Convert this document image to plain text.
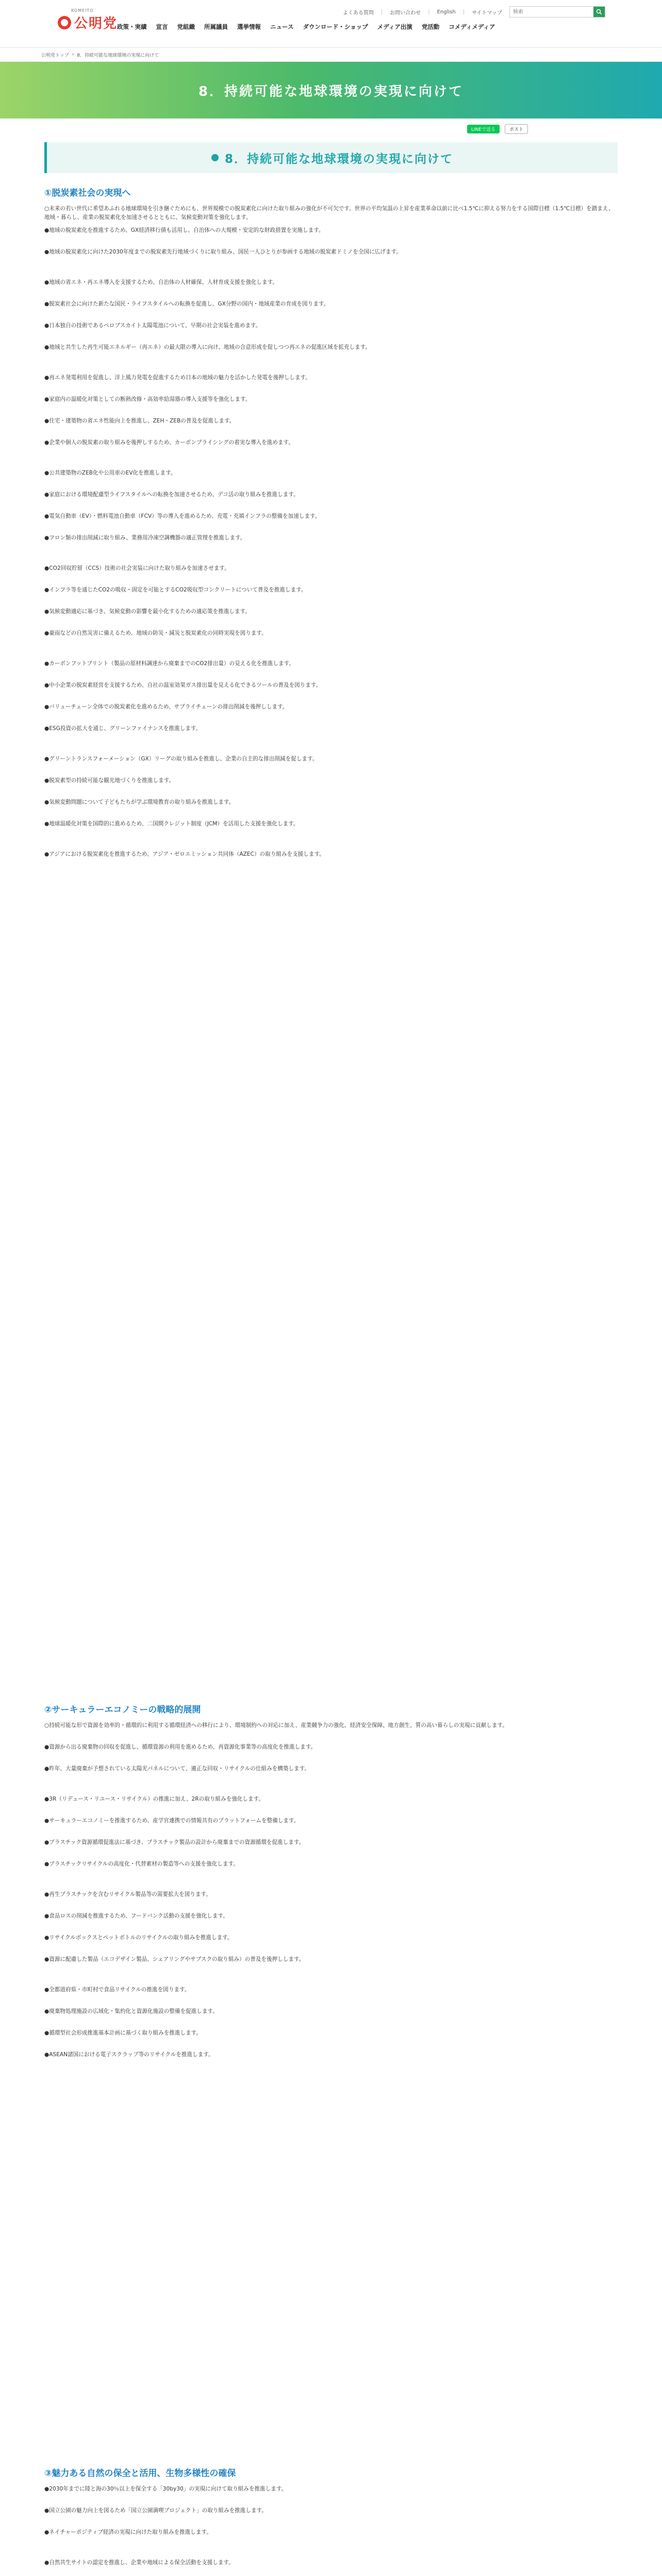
KOMEITO
公明党
よくある質問 | お問い合わせ | English | サイトマップ
検索
政策・実績	宣言	党組織	所属議員	選挙情報	ニュース	ダウンロード・ショップ	メディア出演	党活動	コメディメディア
公明党トップ › 8．持続可能な地球環境の実現に向けて
8．持続可能な地球環境の実現に向けて
LINEで送る	ポスト
8．持続可能な地球環境の実現に向けて
①脱炭素社会の実現へ

○未来の若い世代に希望あふれる地球環境を引き継ぐためにも、世界規模での脱炭素化に向けた取り組みの強化が不可欠です。世界の平均気温の上昇を産業革命以前に比べ1.5℃に抑える努力をする国際目標（1.5℃目標）を踏まえ、地域・暮らし、産業の脱炭素化を加速させるとともに、気候変動対策を強化します。

●地域の脱炭素化を推進するため、GX経済移行債も活用し、自治体への大規模・安定的な財政措置を実施します。

●地域の脱炭素化に向けた2030年度までの脱炭素先行地域づくりに取り組み、国民一人ひとりが参画する地域の脱炭素ドミノを全国に広げます。

●地域の省エネ・再エネ導入を支援するため、自治体の人材確保、人材育成支援を強化します。

●脱炭素社会に向けた新たな国民・ライフスタイルへの転換を促進し、GX分野の国内・地域産業の育成を図ります。

●日本独自の技術であるペロブスカイト太陽電池について、早期の社会実装を進めます。

●地域と共生した再生可能エネルギー（再エネ）の最大限の導入に向け、地域の合意形成を促しつつ再エネの促進区域を拡充します。

●再エネ発電利用を促進し、洋上風力発電を促進するため日本の地域の魅力を活かした発電を後押しします。

●家庭内の温暖化対策としての断熱改修・高効率給湯器の導入支援等を強化します。

●住宅・建築物の省エネ性能向上を推進し、ZEH・ZEBの普及を促進します。

●企業や個人の脱炭素の取り組みを後押しするため、カーボンプライシングの着実な導入を進めます。

●公共建築物のZEB化や公用車のEV化を推進します。

●家庭における環境配慮型ライフスタイルへの転換を加速させるため、デコ活の取り組みを推進します。

●電気自動車（EV）・燃料電池自動車（FCV）等の導入を進めるため、充電・充填インフラの整備を加速します。

●フロン類の排出削減に取り組み、業務用冷凍空調機器の適正管理を推進します。

●CO2回収貯留（CCS）技術の社会実装に向けた取り組みを加速させます。

●インフラ等を通じたCO2の吸収・固定を可能とするCO2吸収型コンクリートについて普及を推進します。

●気候変動適応に基づき、気候変動の影響を最小化するための適応策を推進します。

●豪雨などの自然災害に備えるため、地域の防災・減災と脱炭素化の同時実現を図ります。

●カーボンフットプリント（製品の原材料調達から廃棄までのCO2排出量）の見える化を推進します。

●中小企業の脱炭素経営を支援するため、自社の温室効果ガス排出量を見える化できるツールの普及を図ります。

●バリューチェーン全体での脱炭素化を進めるため、サプライチェーンの排出削減を後押しします。

●ESG投資の拡大を通じ、グリーンファイナンスを推進します。

●グリーントランスフォーメーション（GX）リーグの取り組みを推進し、企業の自主的な排出削減を促します。

●脱炭素型の持続可能な観光地づくりを推進します。

●気候変動問題について子どもたちが学ぶ環境教育の取り組みを推進します。

●地球温暖化対策を国際的に進めるため、二国間クレジット制度（JCM）を活用した支援を強化します。

●アジアにおける脱炭素化を推進するため、アジア・ゼロエミッション共同体（AZEC）の取り組みを支援します。

②サーキュラーエコノミーの戦略的展開

○持続可能な形で資源を効率的・循環的に利用する循環経済への移行により、環境制約への対応に加え、産業競争力の強化、経済安全保障、地方創生、質の高い暮らしの実現に貢献します。

●資源から出る廃棄物の回収を促進し、循環資源の利用を進めるため、再資源化事業等の高度化を推進します。

●昨年、大量廃棄が予想されている太陽光パネルについて、適正な回収・リサイクルの仕組みを構築します。

●3R（リデュース・リユース・リサイクル）の推進に加え、2Rの取り組みを強化します。

●サーキュラーエコノミーを推進するため、産学官連携での情報共有のプラットフォームを整備します。

●プラスチック資源循環促進法に基づき、プラスチック製品の設計から廃棄までの資源循環を促進します。

●プラスチックリサイクルの高度化・代替素材の製造等への支援を強化します。

●再生プラスチックを含むリサイクル製品等の需要拡大を図ります。

●食品ロスの削減を推進するため、フードバンク活動の支援を強化します。

●リサイクルボックスとペットボトルのリサイクルの取り組みを推進します。

●資源に配慮した製品（エコデザイン製品、シェアリングやサブスクの取り組み）の普及を後押しします。

●全都道府県・市町村で食品リサイクルの推進を図ります。

●廃棄物処理施設の広域化・集約化と資源化施設の整備を促進します。

●循環型社会形成推進基本計画に基づく取り組みを推進します。

●ASEAN諸国における電子スクラップ等のリサイクルを推進します。

③魅力ある自然の保全と活用、生物多様性の確保

●2030年までに陸と海の30％以上を保全する「30by30」の実現に向けて取り組みを推進します。

●国立公園の魅力向上を図るため「国立公園満喫プロジェクト」の取り組みを推進します。

●ネイチャーポジティブ経済の実現に向けた取り組みを推進します。

●自然共生サイトの認定を推進し、企業や地域による保全活動を支援します。
